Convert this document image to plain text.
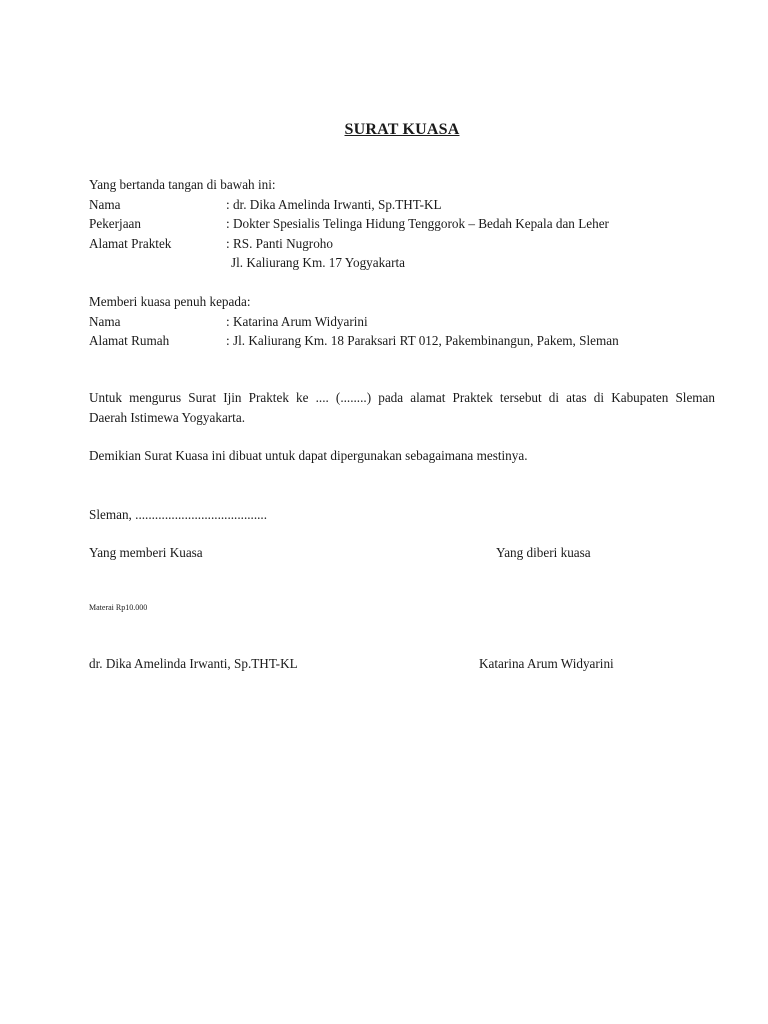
SURAT KUASA
Yang bertanda tangan di bawah ini:
Nama	: dr. Dika Amelinda Irwanti, Sp.THT-KL
Pekerjaan	: Dokter Spesialis Telinga Hidung Tenggorok – Bedah Kepala dan Leher
Alamat Praktek	: RS. Panti Nugroho
Jl. Kaliurang Km. 17 Yogyakarta
Memberi kuasa penuh kepada:
Nama	: Katarina Arum Widyarini
Alamat Rumah	: Jl. Kaliurang Km. 18 Paraksari RT 012, Pakembinangun, Pakem, Sleman
Untuk mengurus Surat Ijin Praktek ke .... (........) pada alamat Praktek tersebut di atas di Kabupaten Sleman
Daerah Istimewa Yogyakarta.
Demikian Surat Kuasa ini dibuat untuk dapat dipergunakan sebagaimana mestinya.
Sleman, ........................................
Yang memberi Kuasa	Yang diberi kuasa
Materai Rp10.000
dr. Dika Amelinda Irwanti, Sp.THT-KL	Katarina Arum Widyarini
